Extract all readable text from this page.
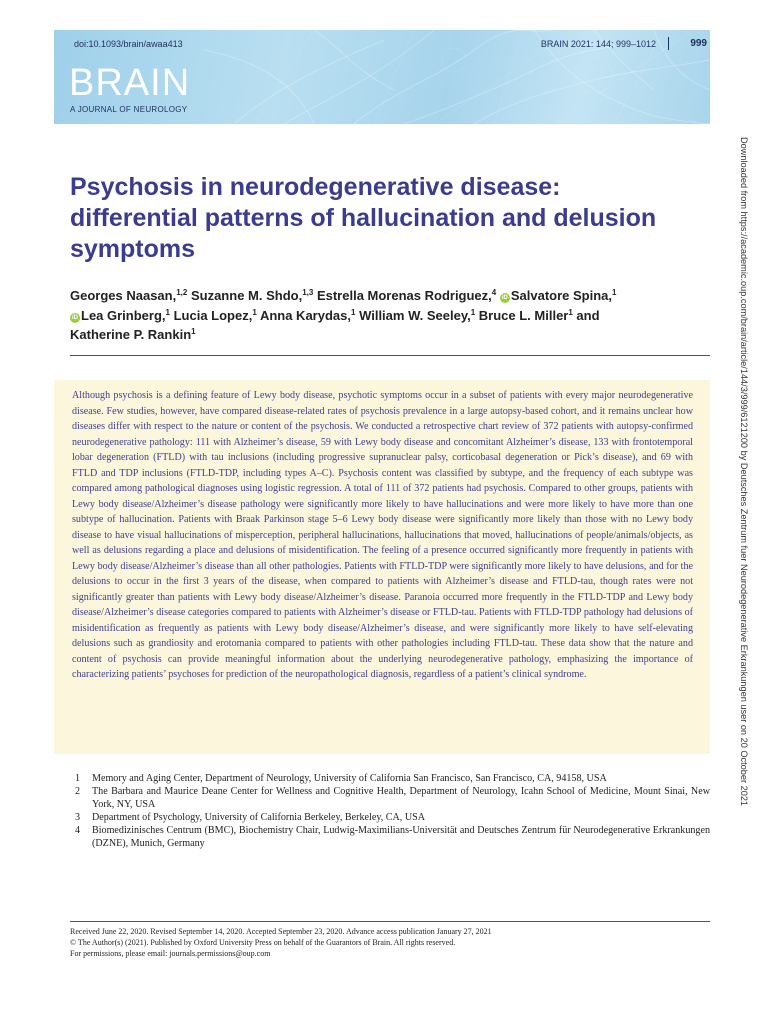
doi:10.1093/brain/awaa413	BRAIN 2021: 144; 999–1012	999
BRAIN
A JOURNAL OF NEUROLOGY
Downloaded from https://academic.oup.com/brain/article/144/3/999/6121200 by Deutsches Zentrum fuer Neurodegenerative Erkrankungen user on 20 October 2021
Psychosis in neurodegenerative disease: differential patterns of hallucination and delusion symptoms
Georges Naasan,$^{1,2}$ Suzanne M. Shdo,$^{1,3}$ Estrella Morenas Rodriguez,$^4$ iD Salvatore Spina,$^1$
iD Lea Grinberg,$^1$ Lucia Lopez,$^1$ Anna Karydas,$^1$ William W. Seeley,$^1$ Bruce L. Miller$^1$ and
Katherine P. Rankin$^1$

Although psychosis is a defining feature of Lewy body disease, psychotic symptoms occur in a subset of patients with every major neurodegenerative disease. Few studies, however, have compared disease-related rates of psychosis prevalence in a large autopsy-based cohort, and it remains unclear how diseases differ with respect to the nature or content of the psychosis. We conducted a retrospective chart review of 372 patients with autopsy-confirmed neurodegenerative pathology: 111 with Alzheimer’s disease, 59 with Lewy body disease and concomitant Alzheimer’s disease, 133 with frontotemporal lobar degeneration (FTLD) with tau inclusions (including progressive supranuclear palsy, corticobasal degeneration or Pick’s disease), and 69 with FTLD and TDP inclusions (FTLD-TDP, including types A–C). Psychosis content was classified by subtype, and the frequency of each subtype was compared among pathological diagnoses using logistic regression. A total of 111 of 372 patients had psychosis. Compared to other groups, patients with Lewy body disease/Alzheimer’s disease pathology were significantly more likely to have hallucinations and were more likely to have more than one subtype of hallucination. Patients with Braak Parkinson stage 5–6 Lewy body disease were significantly more likely than those with no Lewy body disease to have visual hallucinations of misperception, peripheral hallucinations, hallucinations that moved, hallucinations of people/animals/objects, as well as delusions regarding a place and delusions of misidentification. The feeling of a presence occurred significantly more frequently in patients with Lewy body disease/Alzheimer’s disease than all other pathologies. Patients with FTLD-TDP were significantly more likely to have delusions, and for the delusions to occur in the first 3 years of the disease, when compared to patients with Alzheimer’s disease and FTLD-tau, though rates were not significantly greater than patients with Lewy body disease/Alzheimer’s disease. Paranoia occurred more frequently in the FTLD-TDP and Lewy body disease/Alzheimer’s disease categories compared to patients with Alzheimer’s disease or FTLD-tau. Patients with FTLD-TDP pathology had delusions of misidentification as frequently as patients with Lewy body disease/Alzheimer’s disease, and were significantly more likely to have self-elevating delusions such as grandiosity and erotomania compared to patients with other pathologies including FTLD-tau. These data show that the nature and content of psychosis can provide meaningful information about the underlying neurodegenerative pathology, emphasizing the importance of characterizing patients’ psychoses for prediction of the neuropathological diagnosis, regardless of a patient’s clinical syndrome.

1	Memory and Aging Center, Department of Neurology, University of California San Francisco, San Francisco, CA, 94158, USA
2	The Barbara and Maurice Deane Center for Wellness and Cognitive Health, Department of Neurology, Icahn School of Medicine, Mount Sinai, New York, NY, USA
3	Department of Psychology, University of California Berkeley, Berkeley, CA, USA
4	Biomedizinisches Centrum (BMC), Biochemistry Chair, Ludwig-Maximilians-Universität and Deutsches Zentrum für Neurodegenerative Erkrankungen (DZNE), Munich, Germany
Received June 22, 2020. Revised September 14, 2020. Accepted September 23, 2020. Advance access publication January 27, 2021
© The Author(s) (2021). Published by Oxford University Press on behalf of the Guarantors of Brain. All rights reserved.
For permissions, please email: journals.permissions@oup.com
